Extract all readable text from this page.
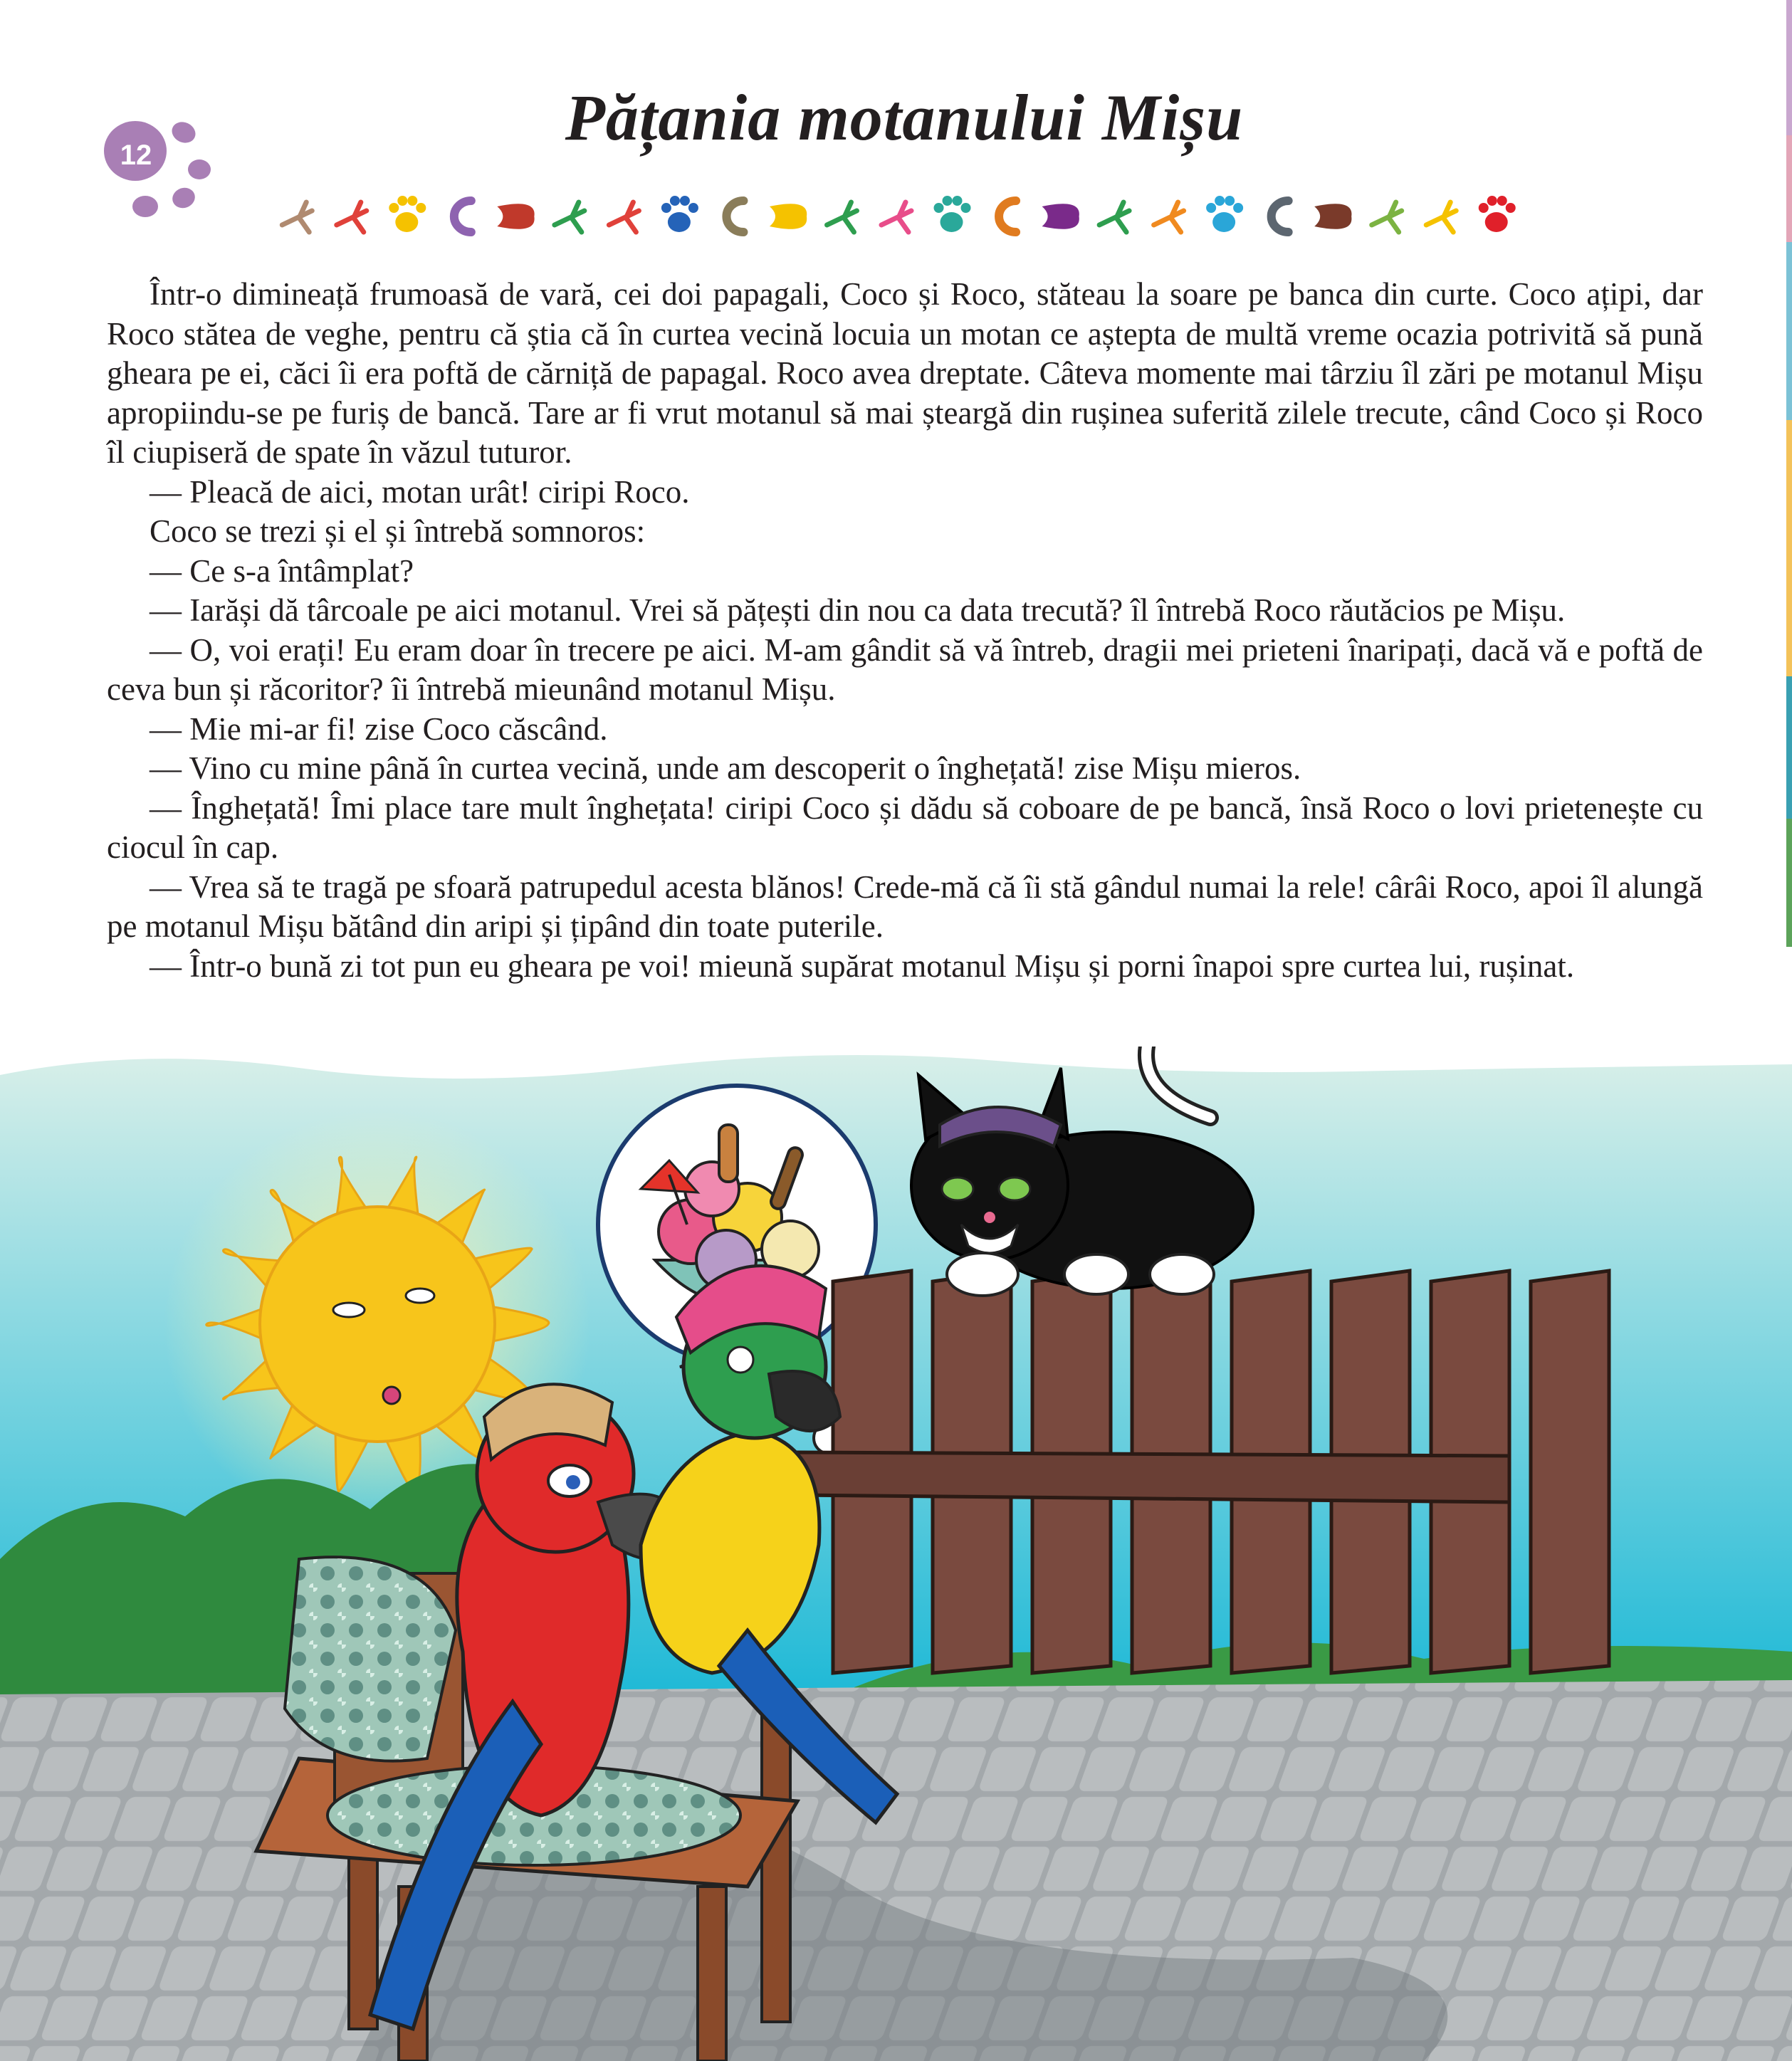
12
Pățania motanului Mișu

Într-o dimineață frumoasă de vară, cei doi papagali, Coco și Roco, stăteau la soare pe banca din curte. Coco ațipi, dar Roco stătea de veghe, pentru că știa că în curtea vecină locuia un motan ce aștepta de multă vreme ocazia potrivită să pună gheara pe ei, căci îi era poftă de cărniță de papagal. Roco avea dreptate. Câteva momente mai târziu îl zări pe motanul Mișu apropiindu-se pe furiș de bancă. Tare ar fi vrut motanul să mai șteargă din rușinea suferită zilele trecute, când Coco și Roco îl ciupiseră de spate în văzul tuturor.

— Pleacă de aici, motan urât! ciripi Roco.

Coco se trezi și el și întrebă somnoros:

— Ce s-a întâmplat?

— Iarăși dă târcoale pe aici motanul. Vrei să pățești din nou ca data trecută? îl întrebă Roco răutăcios pe Mișu.

— O, voi erați! Eu eram doar în trecere pe aici. M-am gândit să vă întreb, dragii mei prieteni înaripați, dacă vă e poftă de ceva bun și răcoritor? îi întrebă mieunând motanul Mișu.

— Mie mi-ar fi! zise Coco căscând.

— Vino cu mine până în curtea vecină, unde am descoperit o înghețată! zise Mișu mieros.

— Înghețată! Îmi place tare mult înghețata! ciripi Coco și dădu să coboare de pe bancă, însă Roco o lovi prietenește cu ciocul în cap.

— Vrea să te tragă pe sfoară patrupedul acesta blănos! Crede-mă că îi stă gândul numai la rele! cârâi Roco, apoi îl alungă pe motanul Mișu bătând din aripi și țipând din toate puterile.

— Într-o bună zi tot pun eu gheara pe voi! mieună supărat motanul Mișu și porni înapoi spre curtea lui, rușinat.
